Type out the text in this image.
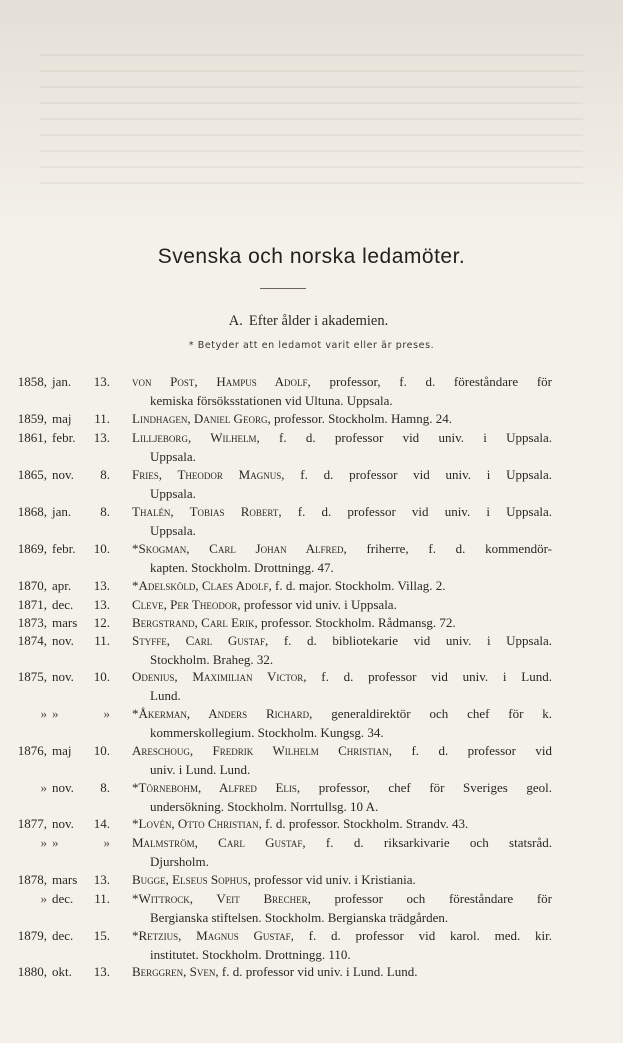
Svenska och norska ledamöter.
A. Efter ålder i akademien.
* Betyder att en ledamot varit eller är preses.
1858, jan.	13. von Post, Hampus Adolf, professor, f. d. föreståndare för
kemiska försöksstationen vid Ultuna. Uppsala.
1859, maj	11. Lindhagen, Daniel Georg, professor. Stockholm. Hamng. 24.
1861, febr.	13. Lilljeborg, Wilhelm, f. d. professor vid univ. i Uppsala.
Uppsala.
1865, nov.	8. Fries, Theodor Magnus, f. d. professor vid univ. i Uppsala.
Uppsala.
1868, jan.	8. Thalén, Tobias Robert, f. d. professor vid univ. i Uppsala.
Uppsala.
1869, febr.	10. *Skogman, Carl Johan Alfred, friherre, f. d. kommendör-
kapten. Stockholm. Drottningg. 47.
1870, apr.	13. *Adelsköld, Claes Adolf, f. d. major. Stockholm. Villag. 2.
1871, dec.	13. Cleve, Per Theodor, professor vid univ. i Uppsala.
1873, mars	12. Bergstrand, Carl Erik, professor. Stockholm. Rådmansg. 72.
1874, nov.	11. Styffe, Carl Gustaf, f. d. bibliotekarie vid univ. i Uppsala.
Stockholm. Braheg. 32.
1875, nov.	10. Odenius, Maximilian Victor, f. d. professor vid univ. i Lund.
Lund.
» »	» *Åkerman, Anders Richard, generaldirektör och chef för k.
kommerskollegium. Stockholm. Kungsg. 34.
1876, maj	10. Areschoug, Fredrik Wilhelm Christian, f. d. professor vid
univ. i Lund. Lund.
» nov.	8. *Törnebohm, Alfred Elis, professor, chef för Sveriges geol.
undersökning. Stockholm. Norrtullsg. 10 A.
1877, nov.	14. *Lovén, Otto Christian, f. d. professor. Stockholm. Strandv. 43.
» »	» Malmström, Carl Gustaf, f. d. riksarkivarie och statsråd.
Djursholm.
1878, mars	13. Bugge, Elseus Sophus, professor vid univ. i Kristiania.
» dec.	11. *Wittrock, Veit Brecher, professor och föreståndare för
Bergianska stiftelsen. Stockholm. Bergianska trädgården.
1879, dec.	15. *Retzius, Magnus Gustaf, f. d. professor vid karol. med. kir.
institutet. Stockholm. Drottningg. 110.
1880, okt.	13. Berggren, Sven, f. d. professor vid univ. i Lund. Lund.
